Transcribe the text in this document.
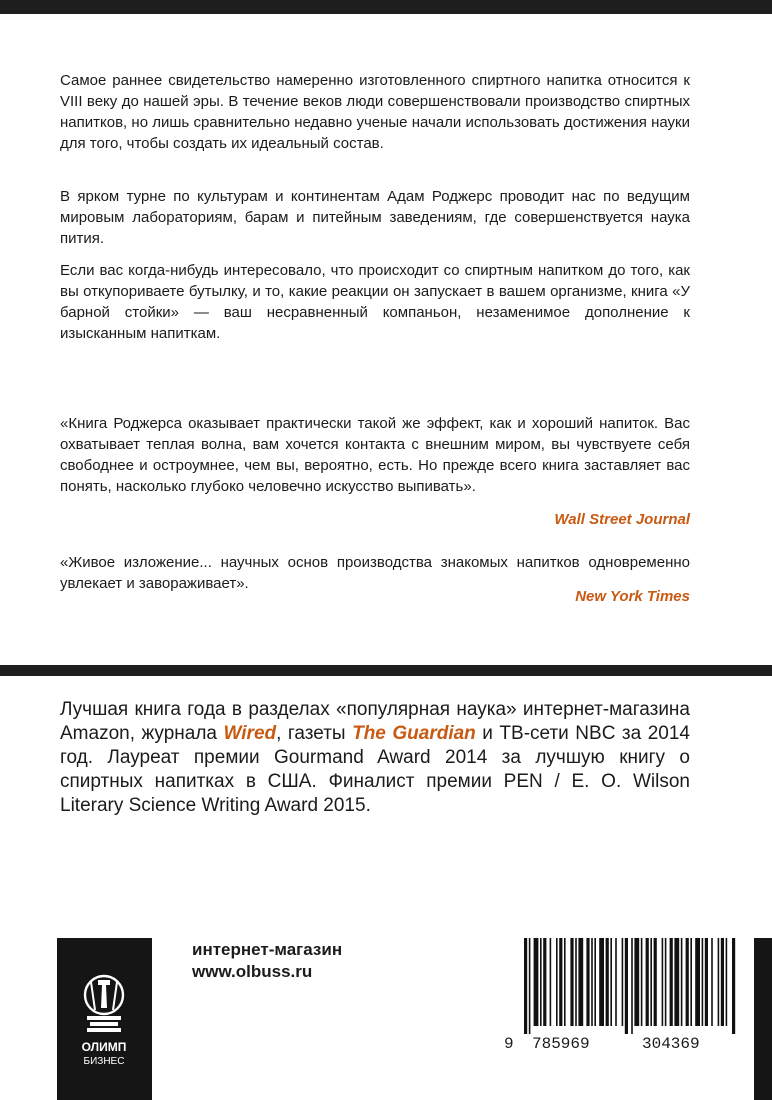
Самое раннее свидетельство намеренно изготовленного спиртного напитка относится к VIII веку до нашей эры. В течение веков люди совершенствовали производство спиртных напитков, но лишь сравнительно недавно ученые начали использовать достижения науки для того, чтобы создать их идеальный состав.

В ярком турне по культурам и континентам Адам Роджерс проводит нас по ведущим мировым лабораториям, барам и питейным заведениям, где совершенствуется наука пития.

Если вас когда-нибудь интересовало, что происходит со спиртным напитком до того, как вы откупориваете бутылку, и то, какие реакции он запускает в вашем организме, книга «У барной стойки» — ваш несравненный компаньон, незаменимое дополнение к изысканным напиткам.

«Книга Роджерса оказывает практически такой же эффект, как и хороший напиток. Вас охватывает теплая волна, вам хочется контакта с внешним миром, вы чувствуете себя свободнее и остроумнее, чем вы, вероятно, есть. Но прежде всего книга заставляет вас понять, насколько глубоко человечно искусство выпивать».

Wall Street Journal

«Живое изложение... научных основ производства знакомых напитков одновременно увлекает и завораживает».

New York Times

Лучшая книга года в разделах «популярная наука» интернет-магазина Amazon, журнала Wired, газеты The Guardian и ТВ-сети NBC за 2014 год. Лауреат премии Gourmand Award 2014 за лучшую книгу о спиртных напитках в США. Финалист премии PEN / E. O. Wilson Literary Science Writing Award 2015.

ОЛИМП
БИЗНЕС

интернет-магазин
www.olbuss.ru

9 785969	304369
